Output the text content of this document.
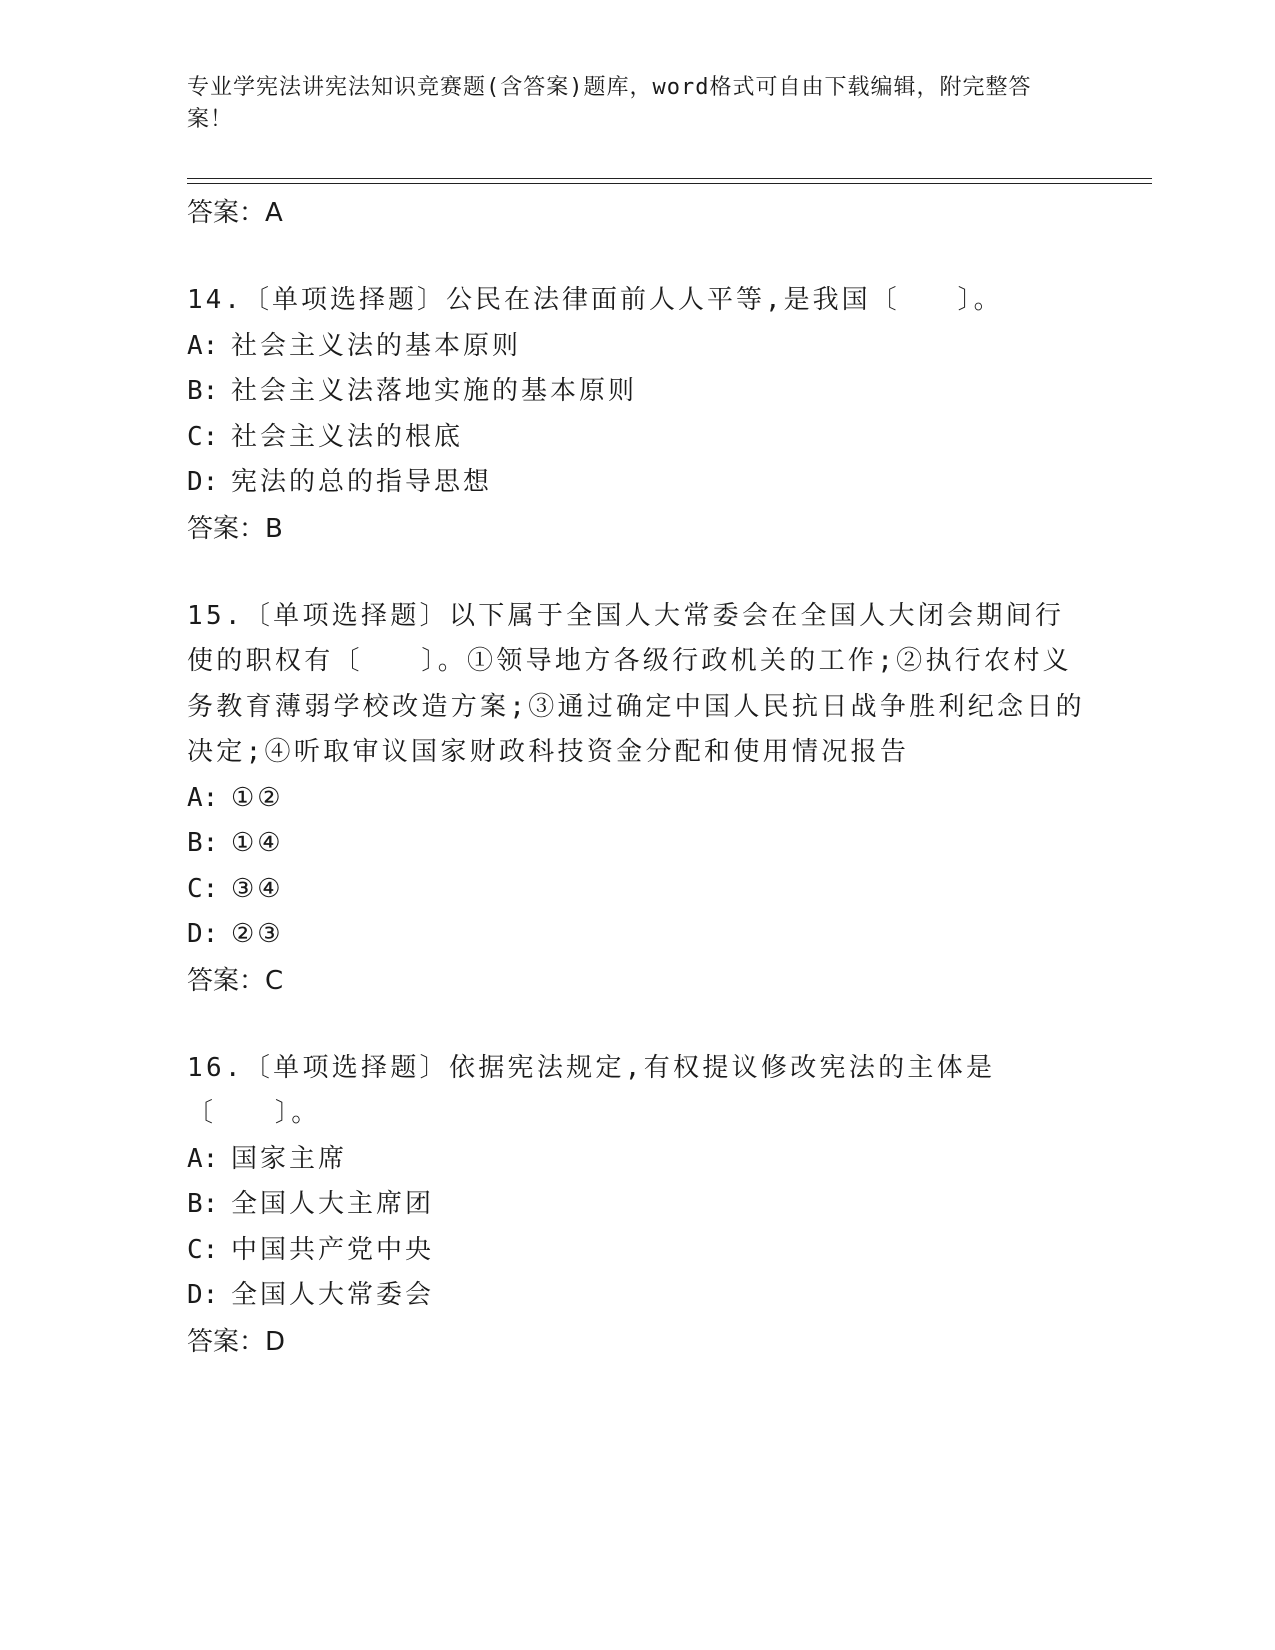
专业学宪法讲宪法知识竞赛题(含答案)题库，word格式可自由下载编辑，附完整答案！
答案：A
14.〔单项选择题〕公民在法律面前人人平等,是我国〔　　〕。
A: 社会主义法的基本原则
B: 社会主义法落地实施的基本原则
C: 社会主义法的根底
D: 宪法的总的指导思想
答案：B
15.〔单项选择题〕以下属于全国人大常委会在全国人大闭会期间行使的职权有〔　　〕。①领导地方各级行政机关的工作;②执行农村义务教育薄弱学校改造方案;③通过确定中国人民抗日战争胜利纪念日的决定;④听取审议国家财政科技资金分配和使用情况报告
A: ①②
B: ①④
C: ③④
D: ②③
答案：C
16.〔单项选择题〕依据宪法规定,有权提议修改宪法的主体是〔　　〕。
A: 国家主席
B: 全国人大主席团
C: 中国共产党中央
D: 全国人大常委会
答案：D
